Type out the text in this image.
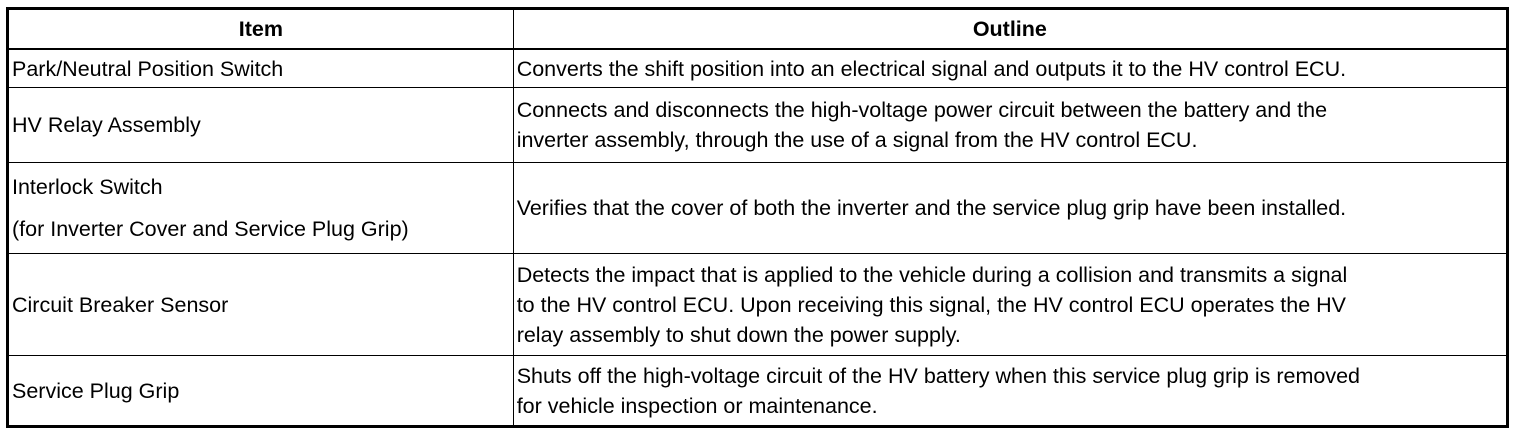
Item	Outline
Park/Neutral Position Switch	Converts the shift position into an electrical signal and outputs it to the HV control ECU.
HV Relay Assembly	Connects and disconnects the high-voltage power circuit between the battery and the
inverter assembly, through the use of a signal from the HV control ECU.

Interlock Switch
(for Inverter Cover and Service Plug Grip)	Verifies that the cover of both the inverter and the service plug grip have been installed.
Circuit Breaker Sensor	Detects the impact that is applied to the vehicle during a collision and transmits a signal
to the HV control ECU. Upon receiving this signal, the HV control ECU operates the HV
relay assembly to shut down the power supply.

Service Plug Grip	Shuts off the high-voltage circuit of the HV battery when this service plug grip is removed
for vehicle inspection or maintenance.
